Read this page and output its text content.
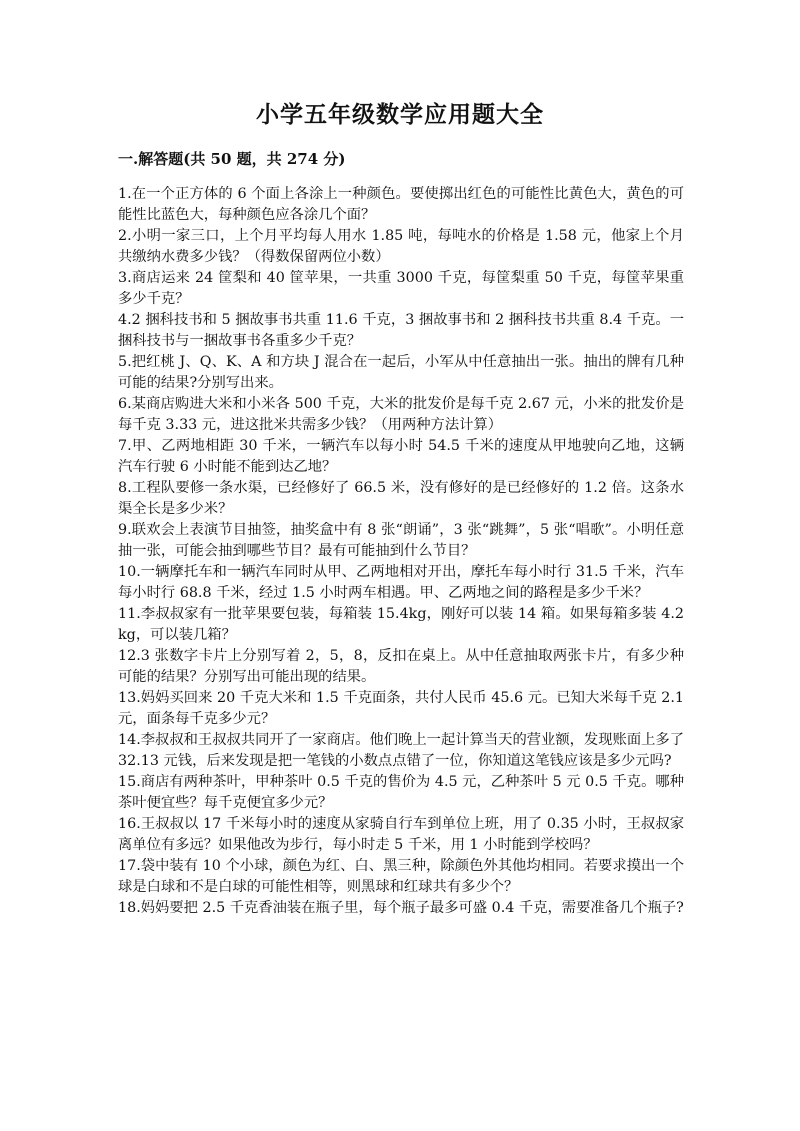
小学五年级数学应用题大全
一.解答题(共 50 题，共 274 分)
1.在一个正方体的 6 个面上各涂上一种颜色。要使掷出红色的可能性比黄色大，黄色的可能性比蓝色大，每种颜色应各涂几个面？
2.小明一家三口，上个月平均每人用水 1.85 吨，每吨水的价格是 1.58 元，他家上个月共缴纳水费多少钱？（得数保留两位小数）
3.商店运来 24 筐梨和 40 筐苹果，一共重 3000 千克，每筐梨重 50 千克，每筐苹果重多少千克？
4.2 捆科技书和 5 捆故事书共重 11.6 千克，3 捆故事书和 2 捆科技书共重 8.4 千克。一捆科技书与一捆故事书各重多少千克？
5.把红桃 J、Q、K、A 和方块 J 混合在一起后，小军从中任意抽出一张。抽出的牌有几种可能的结果?分别写出来。
6.某商店购进大米和小米各 500 千克，大米的批发价是每千克 2.67 元，小米的批发价是每千克 3.33 元，进这批米共需多少钱？（用两种方法计算）
7.甲、乙两地相距 30 千米，一辆汽车以每小时 54.5 千米的速度从甲地驶向乙地，这辆汽车行驶 6 小时能不能到达乙地？
8.工程队要修一条水渠，已经修好了 66.5 米，没有修好的是已经修好的 1.2 倍。这条水渠全长是多少米？
9.联欢会上表演节目抽签，抽奖盒中有 8 张“朗诵”，3 张“跳舞”，5 张“唱歌”。小明任意抽一张，可能会抽到哪些节目？最有可能抽到什么节目？
10.一辆摩托车和一辆汽车同时从甲、乙两地相对开出，摩托车每小时行 31.5 千米，汽车每小时行 68.8 千米，经过 1.5 小时两车相遇。甲、乙两地之间的路程是多少千米？
11.李叔叔家有一批苹果要包装，每箱装 15.4kg，刚好可以装 14 箱。如果每箱多装 4.2kg，可以装几箱？
12.3 张数字卡片上分别写着 2，5，8，反扣在桌上。从中任意抽取两张卡片，有多少种可能的结果？分别写出可能出现的结果。
13.妈妈买回来 20 千克大米和 1.5 千克面条，共付人民币 45.6 元。已知大米每千克 2.1 元，面条每千克多少元？
14.李叔叔和王叔叔共同开了一家商店。他们晚上一起计算当天的营业额，发现账面上多了 32.13 元钱，后来发现是把一笔钱的小数点点错了一位，你知道这笔钱应该是多少元吗?
15.商店有两种茶叶，甲种茶叶 0.5 千克的售价为 4.5 元，乙种茶叶 5 元 0.5 千克。哪种茶叶便宜些？每千克便宜多少元？
16.王叔叔以 17 千米每小时的速度从家骑自行车到单位上班，用了 0.35 小时，王叔叔家离单位有多远？如果他改为步行，每小时走 5 千米，用 1 小时能到学校吗？
17.袋中装有 10 个小球，颜色为红、白、黑三种，除颜色外其他均相同。若要求摸出一个球是白球和不是白球的可能性相等，则黑球和红球共有多少个？
18.妈妈要把 2.5 千克香油装在瓶子里，每个瓶子最多可盛 0.4 千克，需要准备几个瓶子?
